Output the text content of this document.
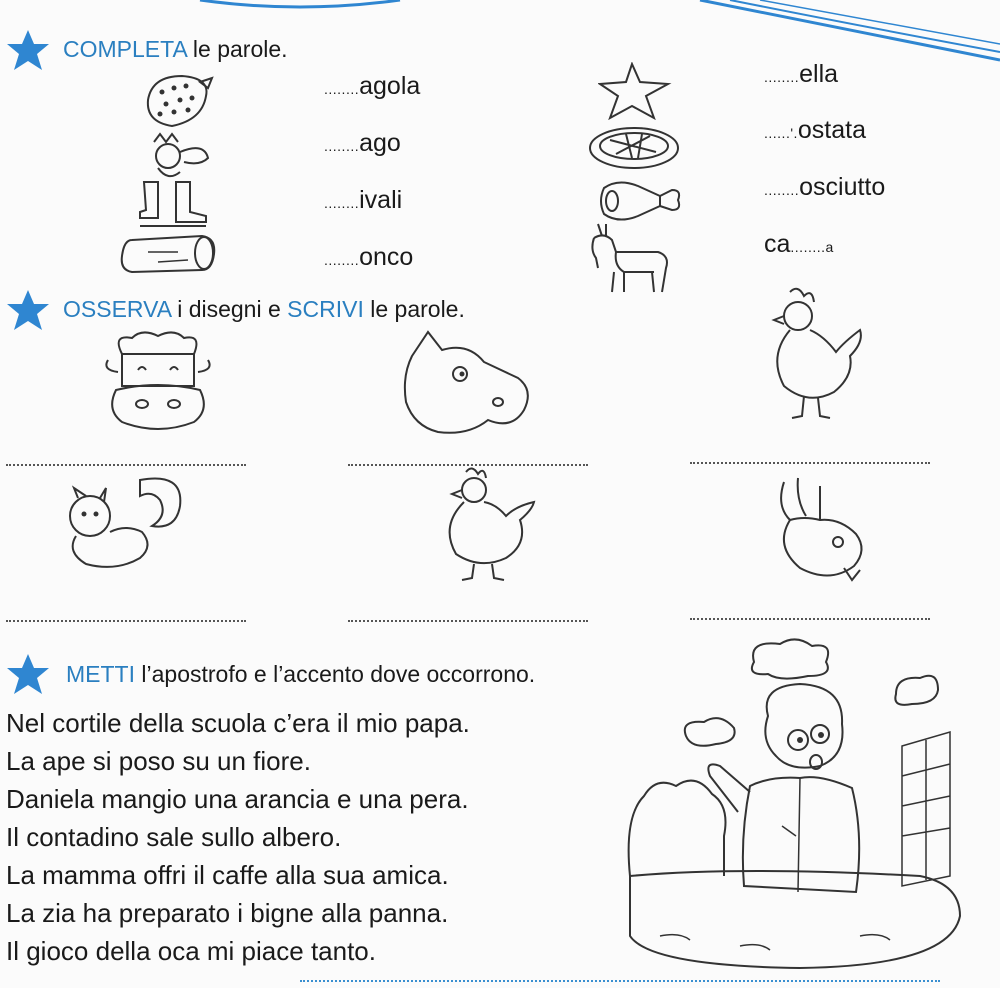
COMPLETA le parole.
........agola
........ago
........ivali
........onco
........ella
......'.ostata
........osciutto
ca........a
OSSERVA i disegni e SCRIVI le parole.
METTI l’apostrofo e l’accento dove occorrono.
Nel cortile della scuola c’era il mio papa.
La ape si poso su un fiore.
Daniela mangio una arancia e una pera.
Il contadino sale sullo albero.
La mamma offri il caffe alla sua amica.
La zia ha preparato i bigne alla panna.
Il gioco della oca mi piace tanto.
